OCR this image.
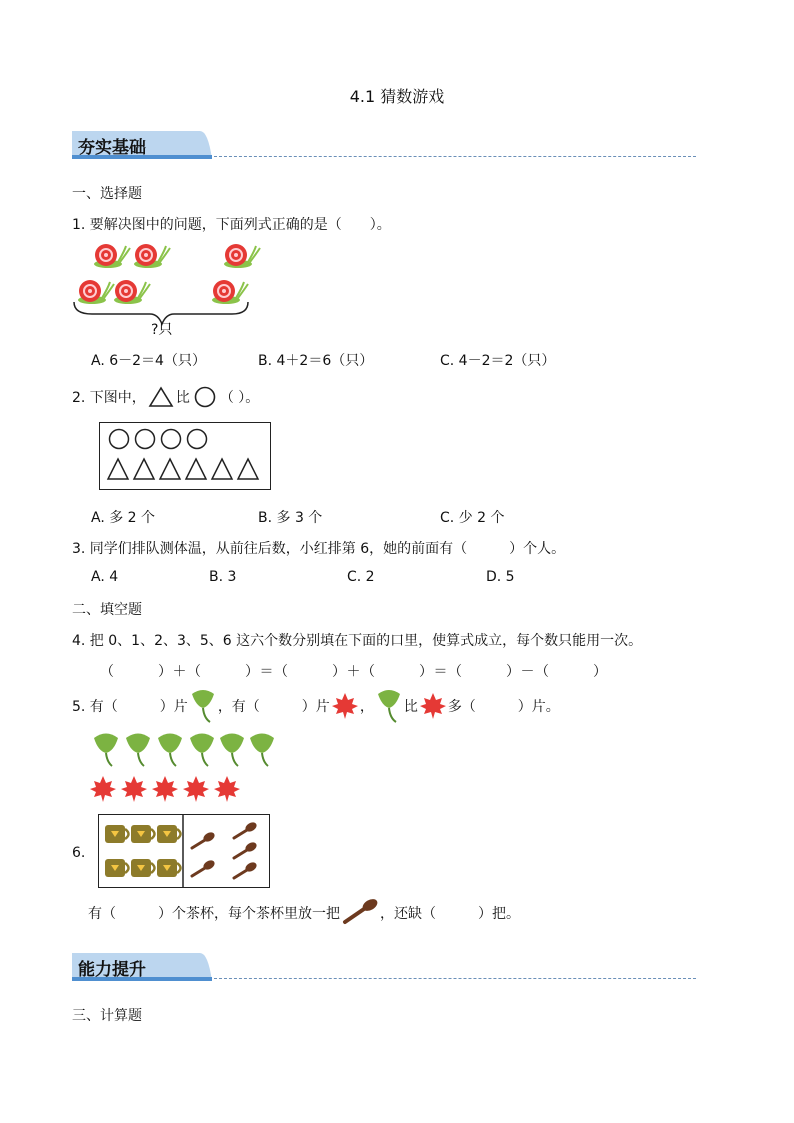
4.1 猜数游戏
夯实基础
一、选择题
1. 要解决图中的问题，下面列式正确的是（　　）。
?只
A. 6－2＝4（只）	B. 4＋2＝6（只）	C. 4－2＝2（只）
2. 下图中， 比 （ ）。
A. 多 2 个	B. 多 3 个	C. 少 2 个
3. 同学们排队测体温，从前往后数，小红排第 6，她的前面有（　　　）个人。
A. 4	B. 3	C. 2	D. 5
二、填空题
4. 把 0、1、2、3、5、6 这六个数分别填在下面的口里，使算式成立，每个数只能用一次。
（　　　）＋（　　　）＝（　　　）＋（　　　）＝（　　　）－（　　　）
5. 有（　　　）片 ，有（　　　）片 ， 比 多（　　　）片。
6.
有（　　　）个茶杯，每个茶杯里放一把	，还缺（　　　）把。
能力提升
三、计算题
